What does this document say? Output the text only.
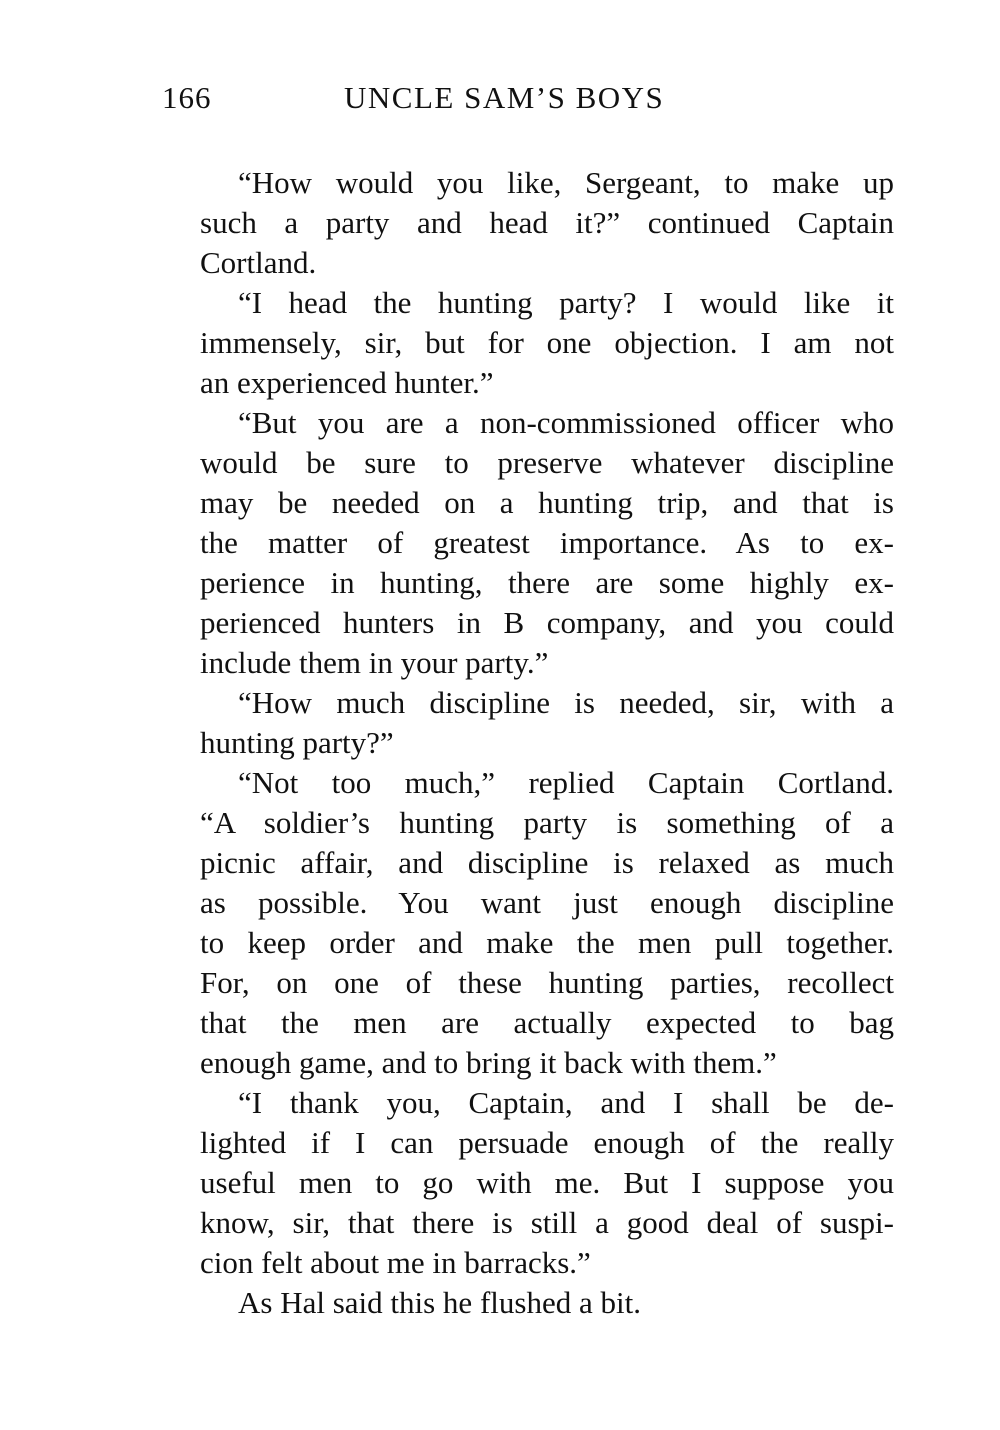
166	UNCLE SAM’S BOYS
“How would you like, Sergeant, to make up
such a party and head it?” continued Captain
Cortland.
“I head the hunting party? I would like it
immensely, sir, but for one objection. I am not
an experienced hunter.”
“But you are a non-commissioned officer who
would be sure to preserve whatever discipline
may be needed on a hunting trip, and that is
the matter of greatest importance. As to ex-
perience in hunting, there are some highly ex-
perienced hunters in B company, and you could
include them in your party.”
“How much discipline is needed, sir, with a
hunting party?”
“Not too much,” replied Captain Cortland.
“A soldier’s hunting party is something of a
picnic affair, and discipline is relaxed as much
as possible. You want just enough discipline
to keep order and make the men pull together.
For, on one of these hunting parties, recollect
that the men are actually expected to bag
enough game, and to bring it back with them.”
“I thank you, Captain, and I shall be de-
lighted if I can persuade enough of the really
useful men to go with me. But I suppose you
know, sir, that there is still a good deal of suspi-
cion felt about me in barracks.”
As Hal said this he flushed a bit.
